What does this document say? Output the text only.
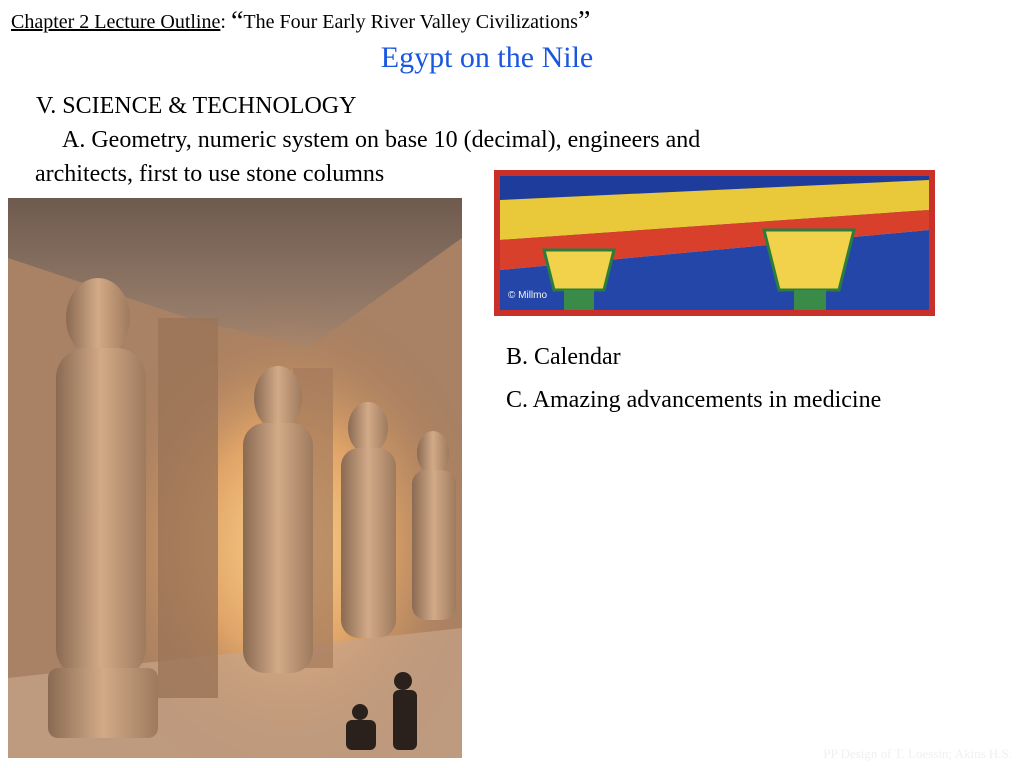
Chapter 2 Lecture Outline: “The Four Early River Valley Civilizations”
Egypt on the Nile
V. SCIENCE & TECHNOLOGY
A. Geometry, numeric system on base 10 (decimal), engineers and
architects, first to use stone columns
B. Calendar
C. Amazing advancements in medicine
© Millmo
PP Design of T. Loessin; Akins H.S.
